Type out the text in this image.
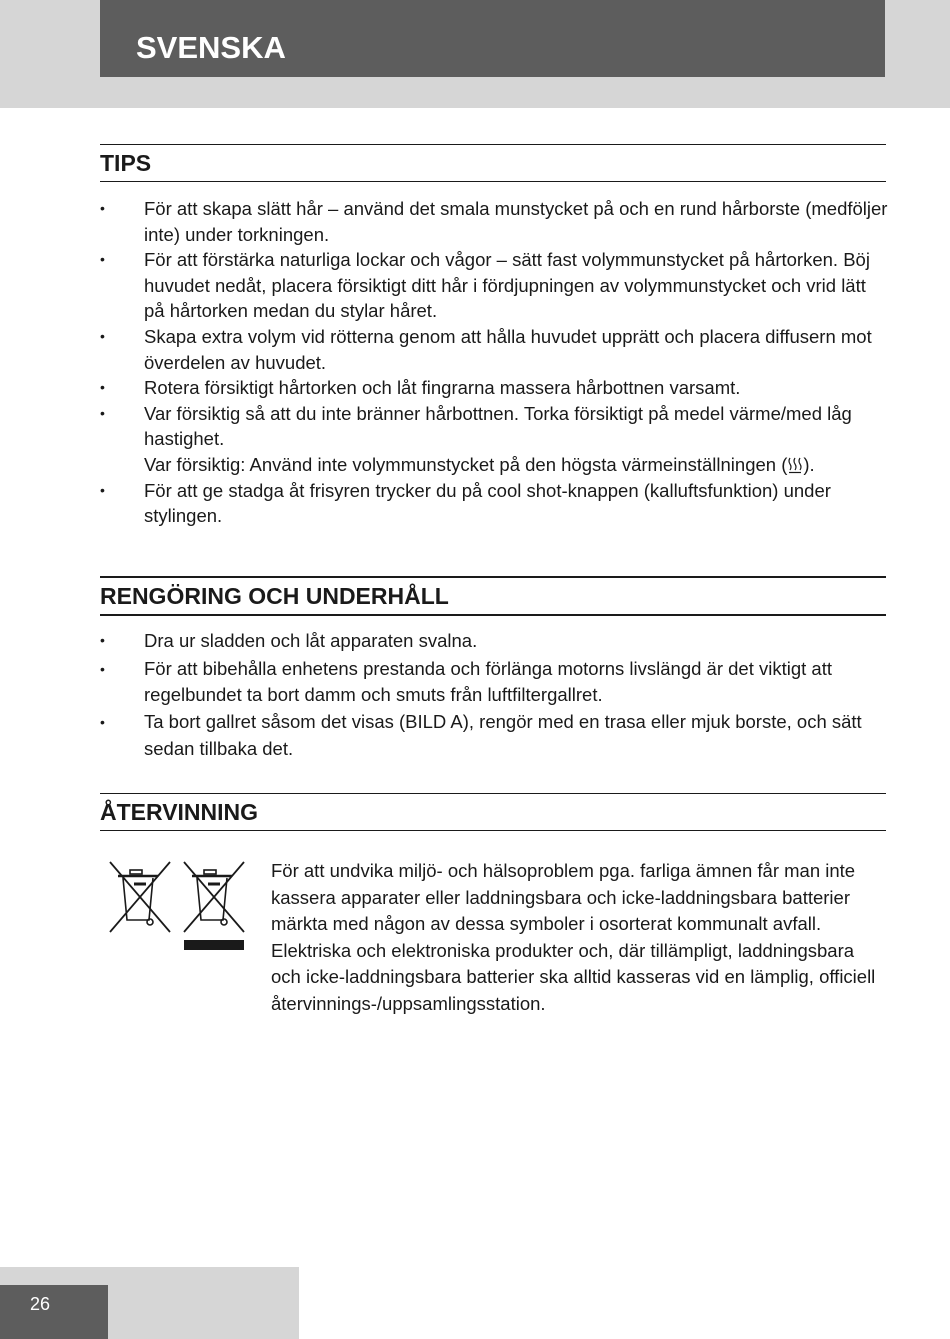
SVENSKA
TIPS
• För att skapa slätt hår – använd det smala munstycket på och en rund hårborste (medföljer inte) under torkningen.
• För att förstärka naturliga lockar och vågor – sätt fast volymmunstycket på hårtorken. Böj huvudet nedåt, placera försiktigt ditt hår i fördjupningen av volymmunstycket och vrid lätt på hårtorken medan du stylar håret.
• Skapa extra volym vid rötterna genom att hålla huvudet upprätt och placera diffusern mot överdelen av huvudet.
• Rotera försiktigt hårtorken och låt fingrarna massera hårbottnen varsamt.
• Var försiktig så att du inte bränner hårbottnen. Torka försiktigt på medel värme/med låg hastighet.
Var försiktig: Använd inte volymmunstycket på den högsta värmeinställningen ( ).
• För att ge stadga åt frisyren trycker du på cool shot-knappen (kalluftsfunktion) under stylingen.
RENGÖRING OCH UNDERHÅLL
• Dra ur sladden och låt apparaten svalna.
• För att bibehålla enhetens prestanda och förlänga motorns livslängd är det viktigt att regelbundet ta bort damm och smuts från luftfiltergallret.
• Ta bort gallret såsom det visas (BILD A), rengör med en trasa eller mjuk borste, och sätt sedan tillbaka det.
ÅTERVINNING
För att undvika miljö- och hälsoproblem pga. farliga ämnen får man inte kassera apparater eller laddningsbara och icke-laddningsbara batterier märkta med någon av dessa symboler i osorterat kommunalt avfall. Elektriska och elektroniska produkter och, där tillämpligt, laddningsbara och icke-laddningsbara batterier ska alltid kasseras vid en lämplig, officiell återvinnings-/uppsamlingsstation.
26
